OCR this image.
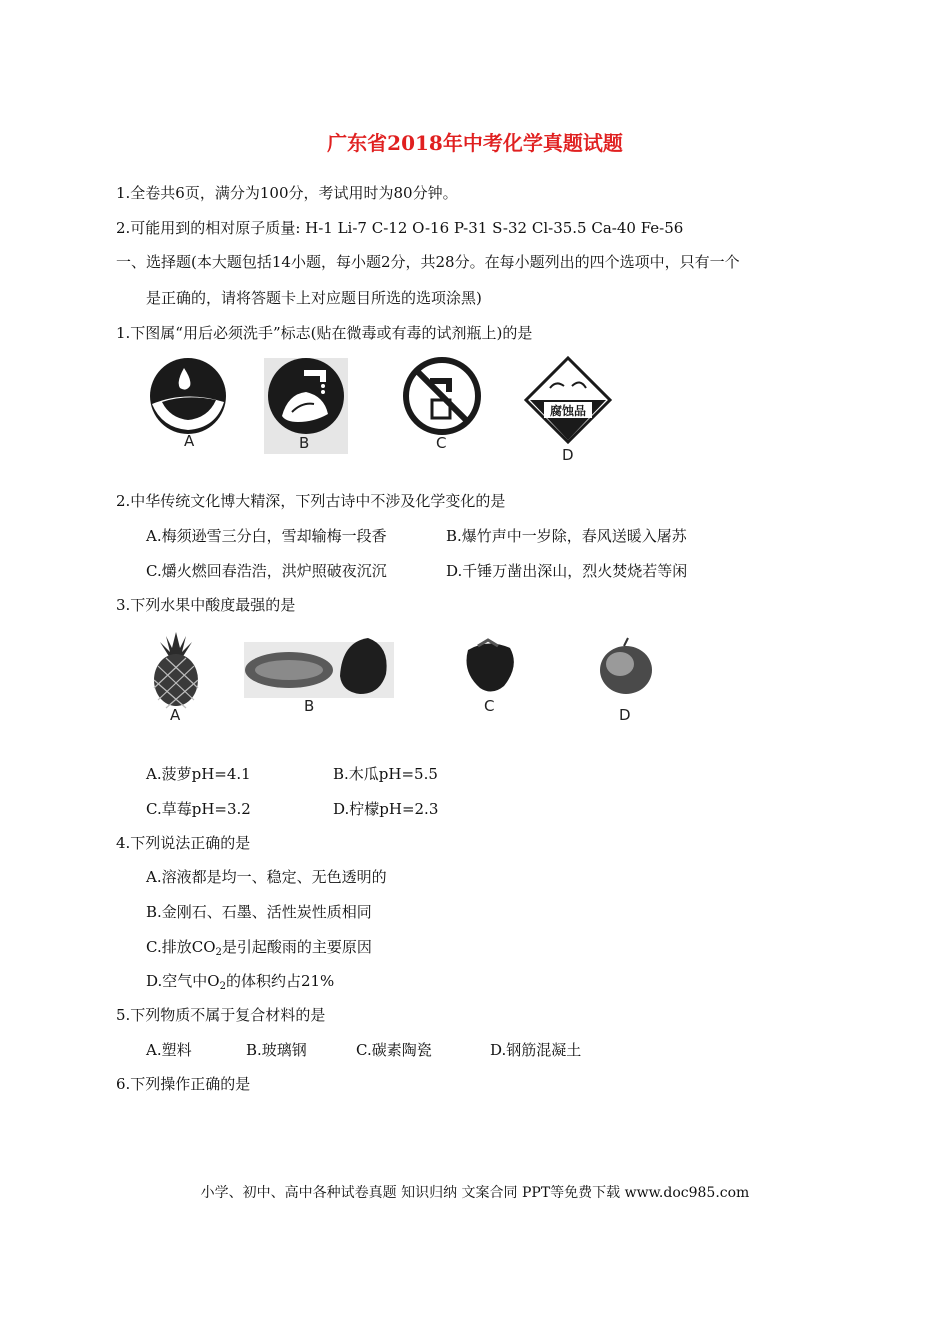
广东省2018年中考化学真题试题
1.全卷共6页，满分为100分，考试用时为80分钟。
2.可能用到的相对原子质量: H-1 Li-7 C-12 O-16 P-31 S-32 Cl-35.5 Ca-40 Fe-56
一、选择题(本大题包括14小题，每小题2分，共28分。在每小题列出的四个选项中，只有一个
是正确的，请将答题卡上对应题目所选的选项涂黑)
1.下图属“用后必须洗手”标志(贴在微毒或有毒的试剂瓶上)的是
A	B	C
腐蚀品
D
2.中华传统文化博大精深，下列古诗中不涉及化学变化的是
A.梅须逊雪三分白，雪却输梅一段香	B.爆竹声中一岁除，春风送暖入屠苏
C.爝火燃回春浩浩，洪炉照破夜沉沉	D.千锤万凿出深山，烈火焚烧若等闲
3.下列水果中酸度最强的是
A	B	C	D
A.菠萝pH=4.1	B.木瓜pH=5.5
C.草莓pH=3.2	D.柠檬pH=2.3
4.下列说法正确的是
A.溶液都是均一、稳定、无色透明的
B.金刚石、石墨、活性炭性质相同
C.排放$CO_2$是引起酸雨的主要原因
D.空气中$O_2$的体积约占21%
5.下列物质不属于复合材料的是
A.塑料	B.玻璃钢	C.碳素陶瓷	D.钢筋混凝土
6.下列操作正确的是
小学、初中、高中各种试卷真题 知识归纳 文案合同 PPT等免费下载 www.doc985.com
